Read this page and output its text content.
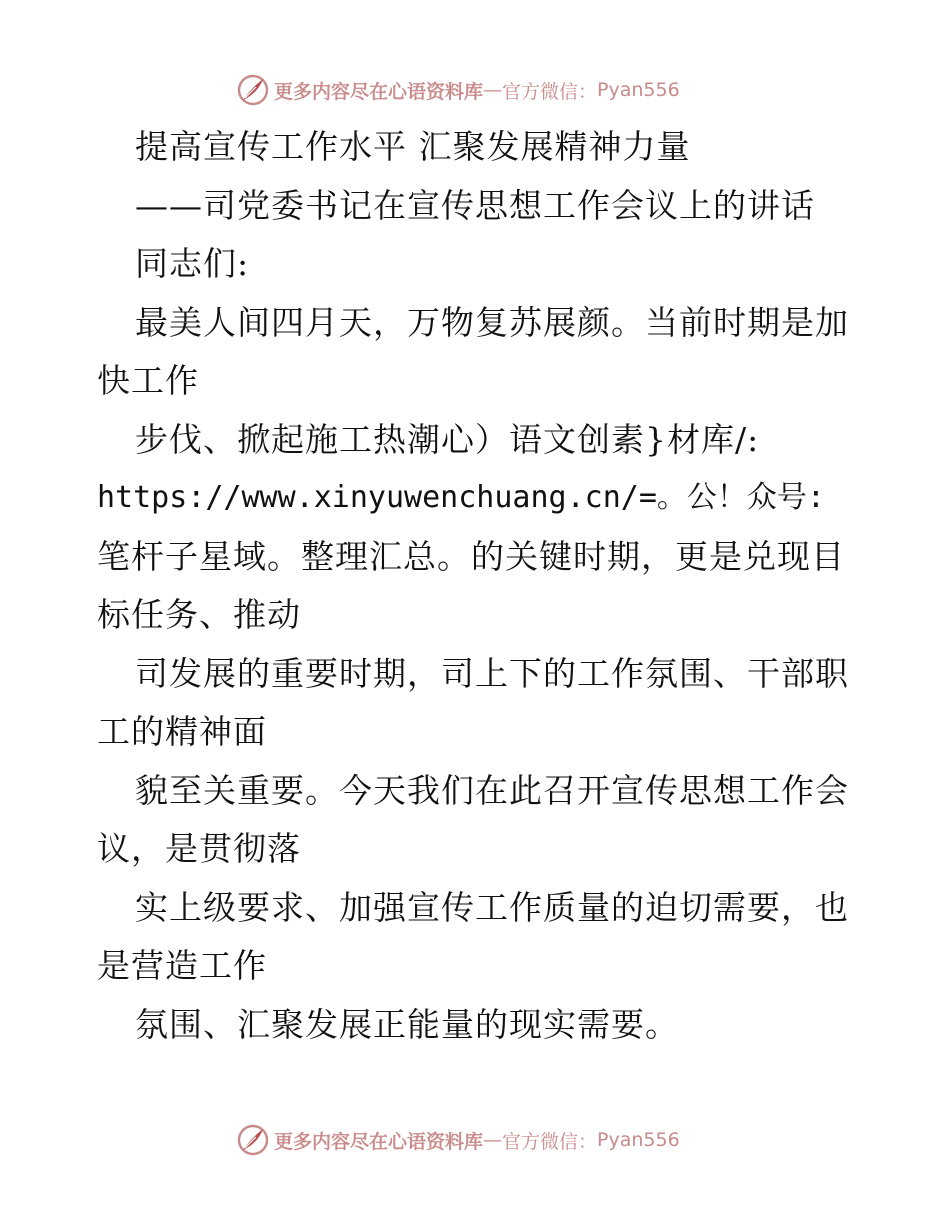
更多内容尽在心语资料库 — 官方微信： Pyan556
提高宣传工作水平 汇聚发展精神力量
——司党委书记在宣传思想工作会议上的讲话
同志们:
最美人间四月天，万物复苏展颜。当前时期是加
快工作
步伐、掀起施工热潮心）语文创素}材库/:
https://www.xinyuwenchuang.cn/=。公！众号:
笔杆子星域。整理汇总。的关键时期，更是兑现目
标任务、推动
司发展的重要时期，司上下的工作氛围、干部职
工的精神面
貌至关重要。今天我们在此召开宣传思想工作会
议，是贯彻落
实上级要求、加强宣传工作质量的迫切需要，也
是营造工作
氛围、汇聚发展正能量的现实需要。
更多内容尽在心语资料库 — 官方微信： Pyan556
